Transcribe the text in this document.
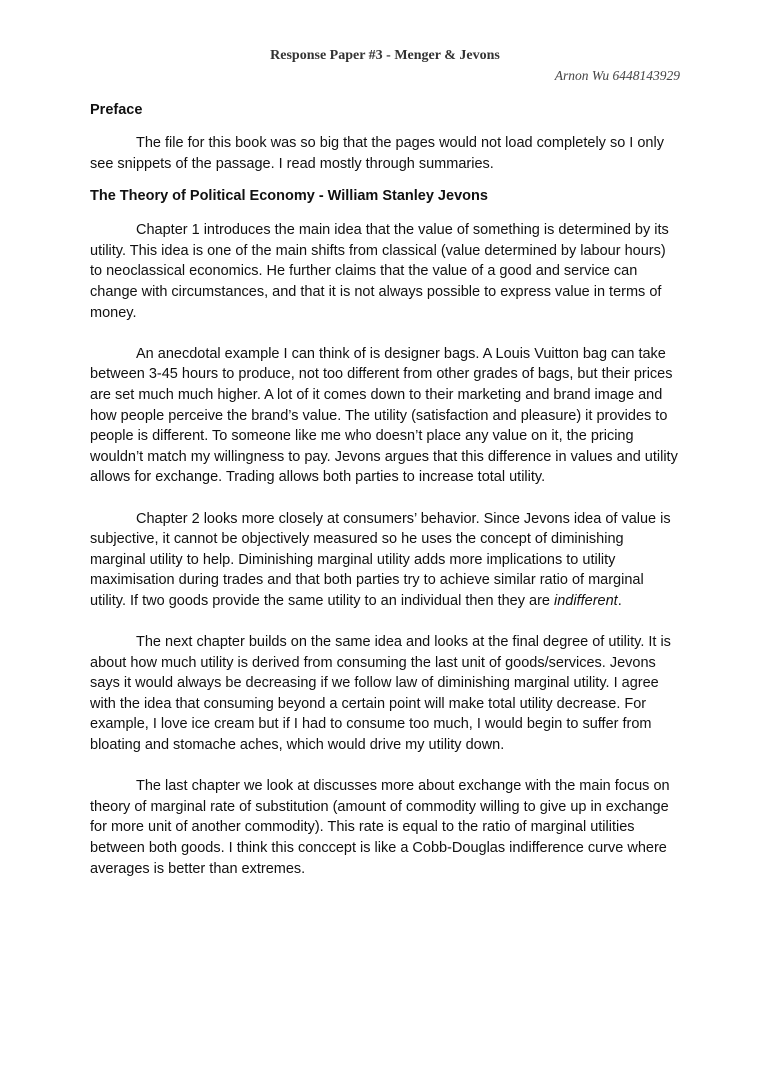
Response Paper #3 - Menger & Jevons
Arnon Wu 6448143929

Preface

The file for this book was so big that the pages would not load completely so I only see snippets of the passage. I read mostly through summaries.

The Theory of Political Economy - William Stanley Jevons

Chapter 1 introduces the main idea that the value of something is determined by its utility. This idea is one of the main shifts from classical (value determined by labour hours) to neoclassical economics. He further claims that the value of a good and service can change with circumstances, and that it is not always possible to express value in terms of money.

An anecdotal example I can think of is designer bags. A Louis Vuitton bag can take between 3-45 hours to produce, not too different from other grades of bags, but their prices are set much much higher. A lot of it comes down to their marketing and brand image and how people perceive the brand’s value. The utility (satisfaction and pleasure) it provides to people is different. To someone like me who doesn’t place any value on it, the pricing wouldn’t match my willingness to pay. Jevons argues that this difference in values and utility allows for exchange. Trading allows both parties to increase total utility.

Chapter 2 looks more closely at consumers’ behavior. Since Jevons idea of value is subjective, it cannot be objectively measured so he uses the concept of diminishing marginal utility to help. Diminishing marginal utility adds more implications to utility maximisation during trades and that both parties try to achieve similar ratio of marginal utility. If two goods provide the same utility to an individual then they are indifferent.

The next chapter builds on the same idea and looks at the final degree of utility. It is about how much utility is derived from consuming the last unit of goods/services. Jevons says it would always be decreasing if we follow law of diminishing marginal utility. I agree with the idea that consuming beyond a certain point will make total utility decrease. For example, I love ice cream but if I had to consume too much, I would begin to suffer from bloating and stomache aches, which would drive my utility down.

The last chapter we look at discusses more about exchange with the main focus on theory of marginal rate of substitution (amount of commodity willing to give up in exchange for more unit of another commodity). This rate is equal to the ratio of marginal utilities between both goods. I think this conccept is like a Cobb-Douglas indifference curve where averages is better than extremes.
